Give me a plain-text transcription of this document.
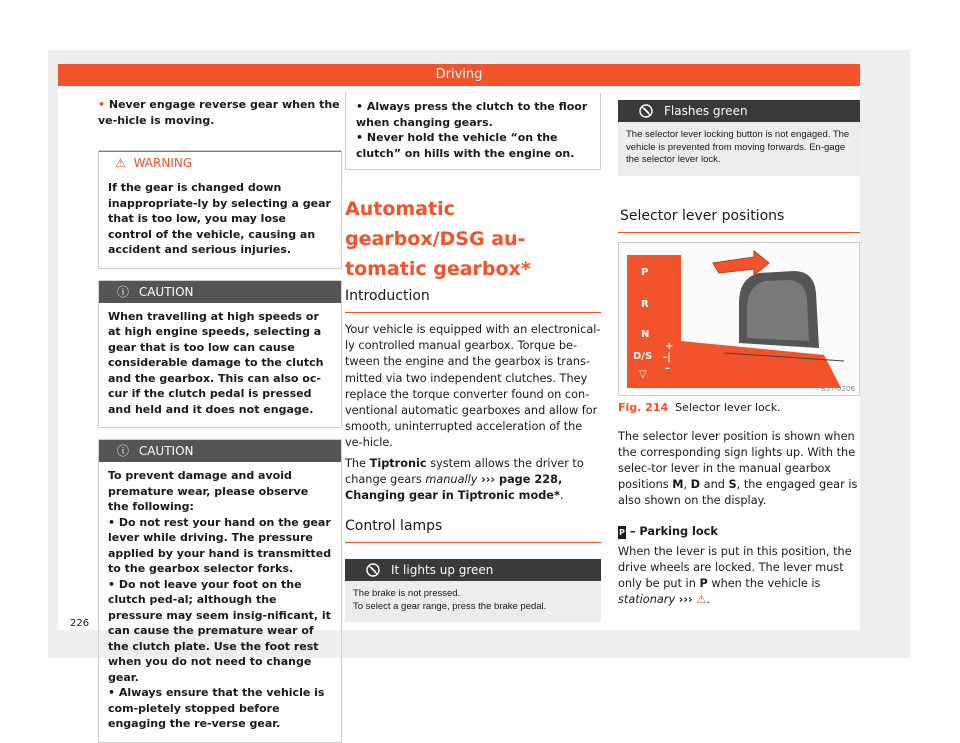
Driving

• Never engage reverse gear when the ve-hicle is moving.

⚠ WARNING
If the gear is changed down inappropriate-ly by selecting a gear that is too low, you may lose control of the vehicle, causing an accident and serious injuries.
ⓘ CAUTION
When travelling at high speeds or at high engine speeds, selecting a gear that is too low can cause considerable damage to the clutch and the gearbox. This can also oc-cur if the clutch pedal is pressed and held and it does not engage.
ⓘ CAUTION

To prevent damage and avoid premature wear, please observe the following:

• Do not rest your hand on the gear lever while driving. The pressure applied by your hand is transmitted to the gearbox selector forks.

• Do not leave your foot on the clutch ped-al; although the pressure may seem insig-nificant, it can cause the premature wear of the clutch plate. Use the foot rest when you do not need to change gear.

• Always ensure that the vehicle is com-pletely stopped before engaging the re-verse gear.

226

• Always press the clutch to the floor when changing gears.

• Never hold the vehicle “on the clutch” on hills with the engine on.

Automatic gearbox/DSG au-tomatic gearbox*
Introduction

Your vehicle is equipped with an electronical-ly controlled manual gearbox. Torque be-tween the engine and the gearbox is trans-mitted via two independent clutches. They replace the torque converter found on con-ventional automatic gearboxes and allow for smooth, uninterrupted acceleration of the ve-hicle.

The Tiptronic system allows the driver to change gears manually ››› page 228, Changing gear in Tiptronic mode*.

Control lamps
It lights up green
The brake is not pressed.
To select a gear range, press the brake pedal.
Flashes green
The selector lever locking button is not engaged. The vehicle is prevented from moving forwards. En-gage the selector lever lock.
Selector lever positions
P
R
N
D/S
▽
+
-|
–
B57-0206

Fig. 214 Selector lever lock.

The selector lever position is shown when the corresponding sign lights up. With the selec-tor lever in the manual gearbox positions M, D and S, the engaged gear is also shown on the display.

P – Parking lock

When the lever is put in this position, the drive wheels are locked. The lever must only be put in P when the vehicle is stationary ››› ⚠.
